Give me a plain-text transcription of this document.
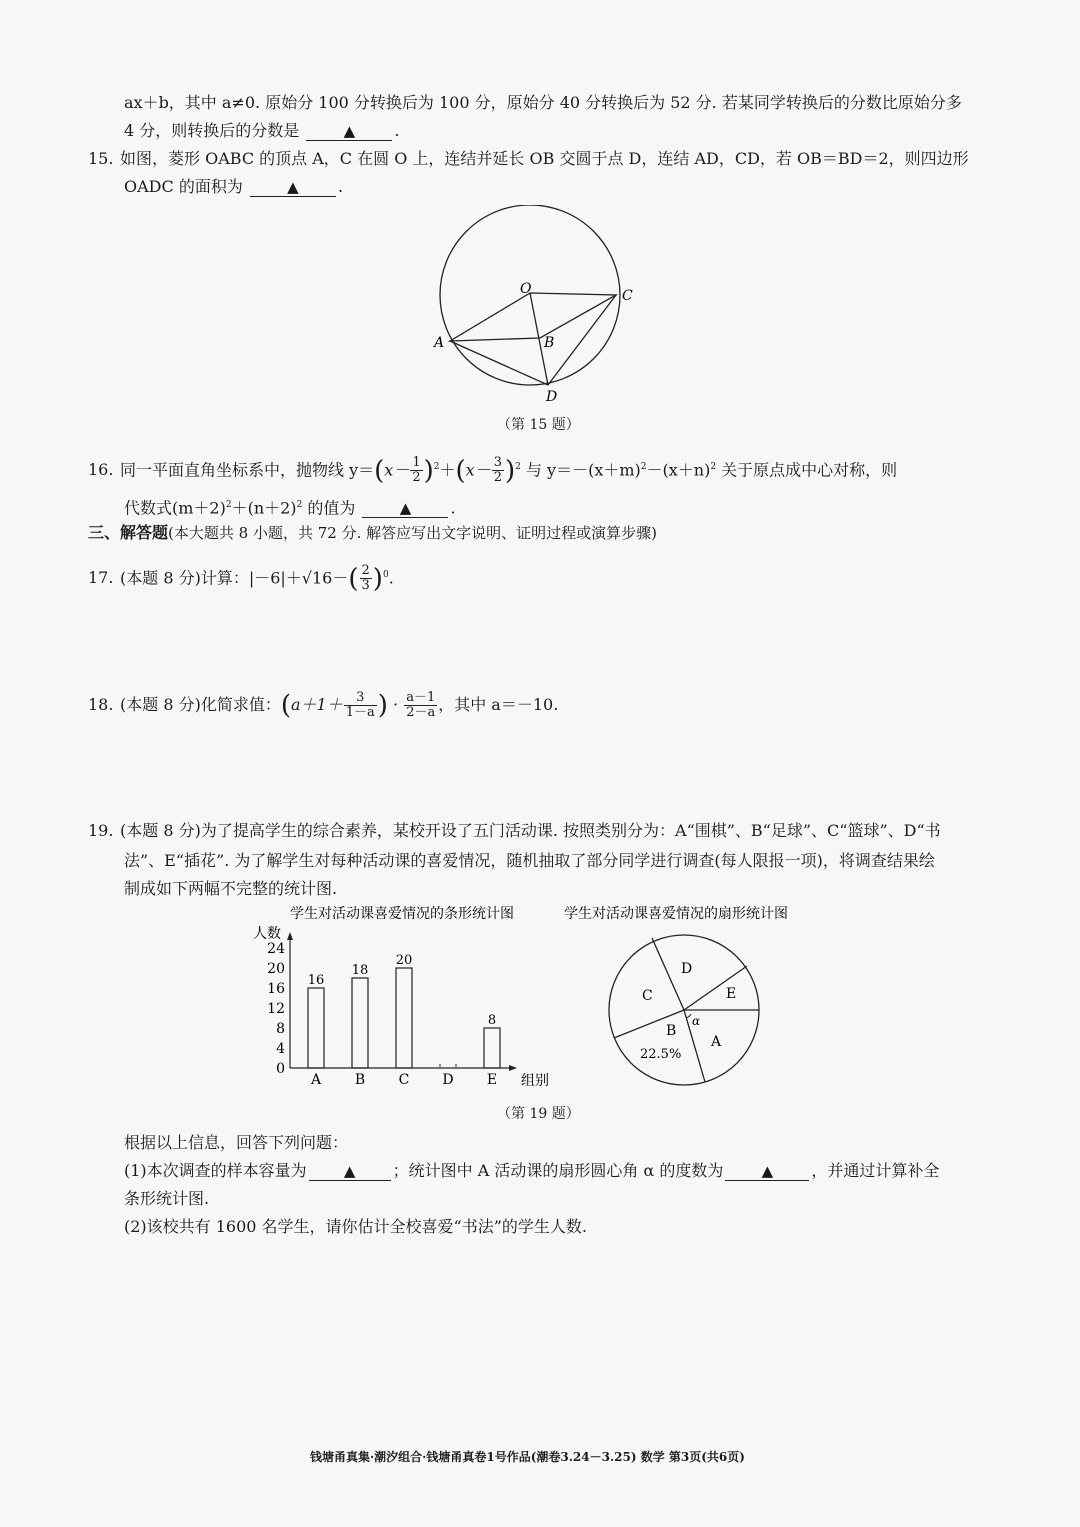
ax＋b，其中 a≠0. 原始分 100 分转换后为 100 分，原始分 40 分转换后为 52 分. 若某同学转换后的分数比原始分多
4 分，则转换后的分数是	▲ .
15. 如图，菱形 OABC 的顶点 A，C 在圆 O 上，连结并延长 OB 交圆于点 D，连结 AD，CD，若 OB＝BD＝2，则四边形
OADC 的面积为	▲ .
O	C
A	B
D
（第 15 题）
16. 同一平面直角坐标系中，抛物线 $y=(x- \frac{1}{2} )^2+(x- \frac{3}{2} )^2$ 与 $y=-(x+m)^2-(x+n)^2$ 关于原点成中心对称，则
代数式$(m+2)^2+(n+2)^2$ 的值为	▲ .
三、解答题(本大题共 8 小题，共 72 分. 解答应写出文字说明、证明过程或演算步骤)
17. (本题 8 分)计算：$|-6|+√16-( \frac{2}{3} )^0$.
18. (本题 8 分)化简求值：($a+1+ \frac{3}{1-a}$ ) · $\frac{a-1}{2-a}$ ，其中 a＝－10.
19. (本题 8 分)为了提高学生的综合素养，某校开设了五门活动课. 按照类别分为：A“围棋”、B“足球”、C“篮球”、D“书
法”、E“插花”. 为了解学生对每种活动课的喜爱情况，随机抽取了部分同学进行调查(每人限报一项)，将调查结果绘
制成如下两幅不完整的统计图.
学生对活动课喜爱情况的条形统计图
人数
0
4
8
12
16
20
24
16
A
18
B
20
C D
8
E 组别
学生对活动课喜爱情况的扇形统计图
D
C	E
B
A
α
22.5%
（第 19 题）
根据以上信息，回答下列问题：
(1)本次调查的样本容量为 ▲ ；统计图中 A 活动课的扇形圆心角 α 的度数为	▲ ，并通过计算补全
条形统计图.
(2)该校共有 1600 名学生，请你估计全校喜爱“书法”的学生人数.
钱塘甬真集·潮汐组合·钱塘甬真卷1号作品(潮卷3.24－3.25) 数学 第3页(共6页)
